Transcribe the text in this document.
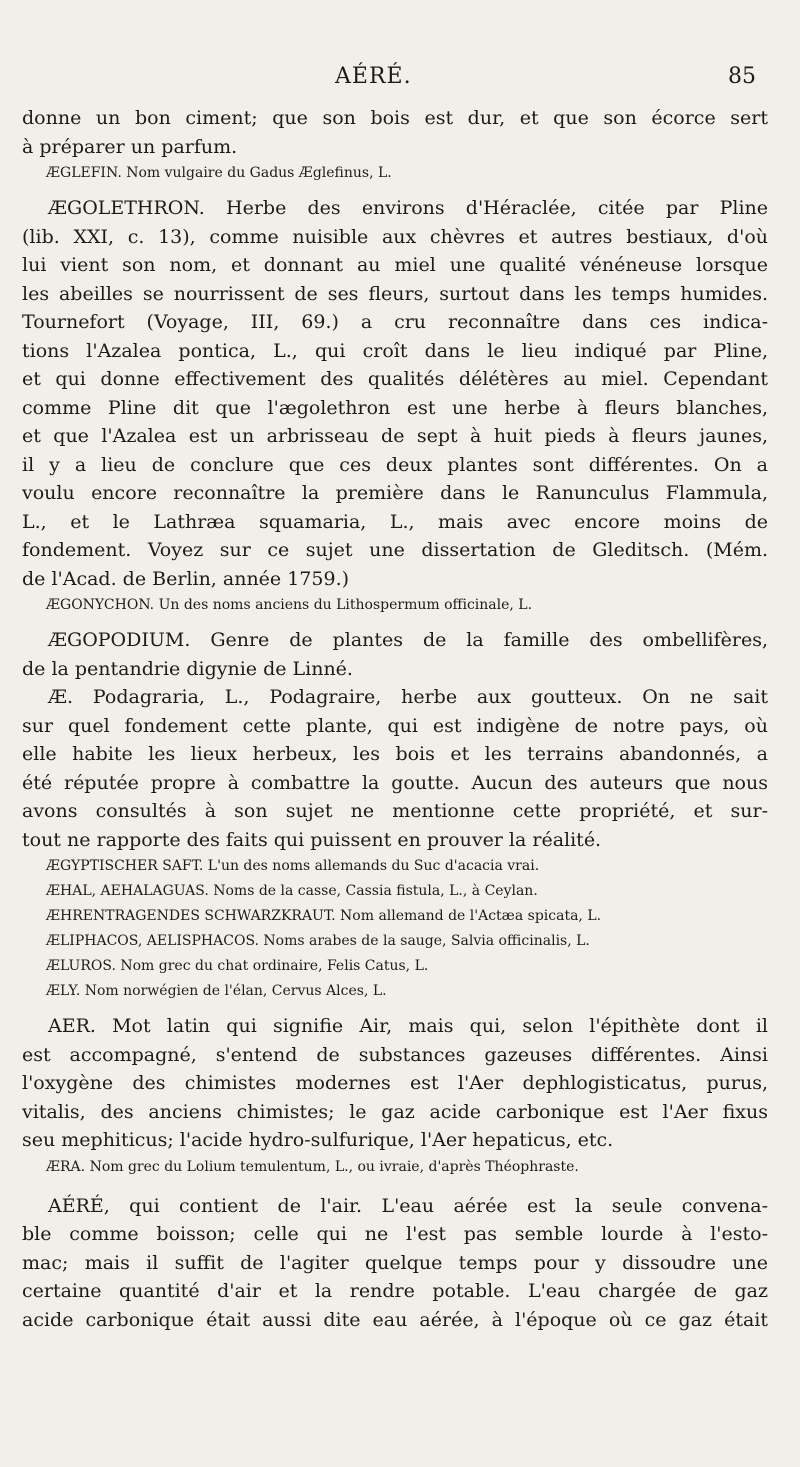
AÉRÉ.	85
donne un bon ciment; que son bois est dur, et que son écorce sert
à préparer un parfum.
ÆGLEFIN. Nom vulgaire du Gadus Æglefinus, L.
ÆGOLETHRON. Herbe des environs d'Héraclée, citée par Pline
(lib. XXI, c. 13), comme nuisible aux chèvres et autres bestiaux, d'où
lui vient son nom, et donnant au miel une qualité vénéneuse lorsque
les abeilles se nourrissent de ses fleurs, surtout dans les temps humides.
Tournefort (Voyage, III, 69.) a cru reconnaître dans ces indica-
tions l'Azalea pontica, L., qui croît dans le lieu indiqué par Pline,
et qui donne effectivement des qualités délétères au miel. Cependant
comme Pline dit que l'ægolethron est une herbe à fleurs blanches,
et que l'Azalea est un arbrisseau de sept à huit pieds à fleurs jaunes,
il y a lieu de conclure que ces deux plantes sont différentes. On a
voulu encore reconnaître la première dans le Ranunculus Flammula,
L., et le Lathræa squamaria, L., mais avec encore moins de
fondement. Voyez sur ce sujet une dissertation de Gleditsch. (Mém.
de l'Acad. de Berlin, année 1759.)
ÆGONYCHON. Un des noms anciens du Lithospermum officinale, L.
ÆGOPODIUM. Genre de plantes de la famille des ombellifères,
de la pentandrie digynie de Linné.
Æ. Podagraria, L., Podagraire, herbe aux goutteux. On ne sait
sur quel fondement cette plante, qui est indigène de notre pays, où
elle habite les lieux herbeux, les bois et les terrains abandonnés, a
été réputée propre à combattre la goutte. Aucun des auteurs que nous
avons consultés à son sujet ne mentionne cette propriété, et sur-
tout ne rapporte des faits qui puissent en prouver la réalité.
ÆGYPTISCHER SAFT. L'un des noms allemands du Suc d'acacia vrai.
ÆHAL, AEHALAGUAS. Noms de la casse, Cassia fistula, L., à Ceylan.
ÆHRENTRAGENDES SCHWARZKRAUT. Nom allemand de l'Actæa spicata, L.
ÆLIPHACOS, AELISPHACOS. Noms arabes de la sauge, Salvia officinalis, L.
ÆLUROS. Nom grec du chat ordinaire, Felis Catus, L.
ÆLY. Nom norwégien de l'élan, Cervus Alces, L.
AER. Mot latin qui signifie Air, mais qui, selon l'épithète dont il
est accompagné, s'entend de substances gazeuses différentes. Ainsi
l'oxygène des chimistes modernes est l'Aer dephlogisticatus, purus,
vitalis, des anciens chimistes; le gaz acide carbonique est l'Aer fixus
seu mephiticus; l'acide hydro-sulfurique, l'Aer hepaticus, etc.
ÆRA. Nom grec du Lolium temulentum, L., ou ivraie, d'après Théophraste.
AÉRÉ, qui contient de l'air. L'eau aérée est la seule convena-
ble comme boisson; celle qui ne l'est pas semble lourde à l'esto-
mac; mais il suffit de l'agiter quelque temps pour y dissoudre une
certaine quantité d'air et la rendre potable. L'eau chargée de gaz
acide carbonique était aussi dite eau aérée, à l'époque où ce gaz était
